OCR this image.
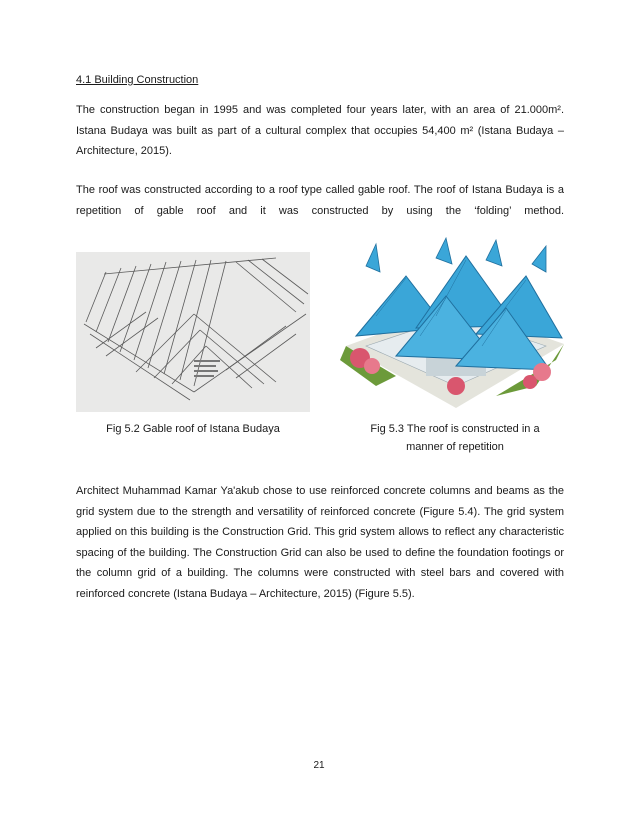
4.1 Building Construction
The construction began in 1995 and was completed four years later, with an area of 21.000m². Istana Budaya was built as part of a cultural complex that occupies 54,400 m² (Istana Budaya – Architecture, 2015).
The roof was constructed according to a roof type called gable roof. The roof of Istana Budaya is a repetition of gable roof and it was constructed by using the ‘folding’ method.
Fig 5.2 Gable roof of Istana Budaya	Fig 5.3 The roof is constructed in a
manner of repetition
Architect Muhammad Kamar Ya'akub chose to use reinforced concrete columns and beams as the grid system due to the strength and versatility of reinforced concrete (Figure 5.4). The grid system applied on this building is the Construction Grid. This grid system allows to reflect any characteristic spacing of the building. The Construction Grid can also be used to define the foundation footings or the column grid of a building. The columns were constructed with steel bars and covered with reinforced concrete (Istana Budaya – Architecture, 2015) (Figure 5.5).
21
